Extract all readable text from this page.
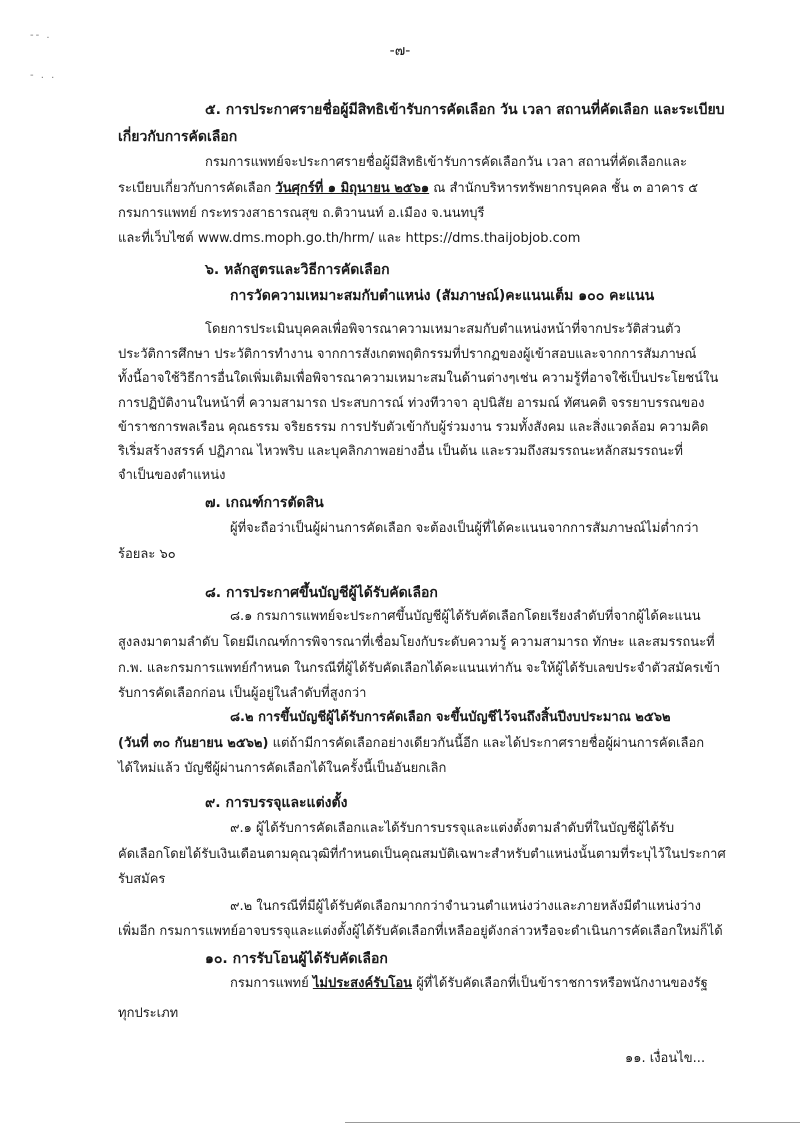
-- .
- . .
-๗-
๕. การประกาศรายชื่อผู้มีสิทธิเข้ารับการคัดเลือก วัน เวลา สถานที่คัดเลือก และระเบียบ
เกี่ยวกับการคัดเลือก
กรมการแพทย์จะประกาศรายชื่อผู้มีสิทธิเข้ารับการคัดเลือกวัน เวลา สถานที่คัดเลือกและ
ระเบียบเกี่ยวกับการคัดเลือก วันศุกร์ที่ ๑ มิถุนายน ๒๕๖๑ ณ สำนักบริหารทรัพยากรบุคคล ชั้น ๓ อาคาร ๕
กรมการแพทย์ กระทรวงสาธารณสุข ถ.ติวานนท์ อ.เมือง จ.นนทบุรี
และที่เว็บไซต์ www.dms.moph.go.th/hrm/ และ https://dms.thaijobjob.com
๖. หลักสูตรและวิธีการคัดเลือก
การวัดความเหมาะสมกับตำแหน่ง (สัมภาษณ์)คะแนนเต็ม ๑๐๐ คะแนน
โดยการประเมินบุคคลเพื่อพิจารณาความเหมาะสมกับตำแหน่งหน้าที่จากประวัติส่วนตัว
ประวัติการศึกษา ประวัติการทำงาน จากการสังเกตพฤติกรรมที่ปรากฏของผู้เข้าสอบและจากการสัมภาษณ์
ทั้งนี้อาจใช้วิธีการอื่นใดเพิ่มเติมเพื่อพิจารณาความเหมาะสมในด้านต่างๆเช่น ความรู้ที่อาจใช้เป็นประโยชน์ใน
การปฏิบัติงานในหน้าที่ ความสามารถ ประสบการณ์ ท่วงทีวาจา อุปนิสัย อารมณ์ ทัศนคติ จรรยาบรรณของ
ข้าราชการพลเรือน คุณธรรม จริยธรรม การปรับตัวเข้ากับผู้ร่วมงาน รวมทั้งสังคม และสิ่งแวดล้อม ความคิด
ริเริ่มสร้างสรรค์ ปฏิภาณ ไหวพริบ และบุคลิกภาพอย่างอื่น เป็นต้น และรวมถึงสมรรถนะหลักสมรรถนะที่
จำเป็นของตำแหน่ง
๗. เกณฑ์การตัดสิน
ผู้ที่จะถือว่าเป็นผู้ผ่านการคัดเลือก จะต้องเป็นผู้ที่ได้คะแนนจากการสัมภาษณ์ไม่ต่ำกว่า
ร้อยละ ๖๐
๘. การประกาศขึ้นบัญชีผู้ได้รับคัดเลือก
๘.๑ กรมการแพทย์จะประกาศขึ้นบัญชีผู้ได้รับคัดเลือกโดยเรียงลำดับที่จากผู้ได้คะแนน
สูงลงมาตามลำดับ โดยมีเกณฑ์การพิจารณาที่เชื่อมโยงกับระดับความรู้ ความสามารถ ทักษะ และสมรรถนะที่
ก.พ. และกรมการแพทย์กำหนด ในกรณีที่ผู้ได้รับคัดเลือกได้คะแนนเท่ากัน จะให้ผู้ได้รับเลขประจำตัวสมัครเข้า
รับการคัดเลือกก่อน เป็นผู้อยู่ในลำดับที่สูงกว่า
๘.๒ การขึ้นบัญชีผู้ได้รับการคัดเลือก จะขึ้นบัญชีไว้จนถึงสิ้นปีงบประมาณ ๒๕๖๒
(วันที่ ๓๐ กันยายน ๒๕๖๒) แต่ถ้ามีการคัดเลือกอย่างเดียวกันนี้อีก และได้ประกาศรายชื่อผู้ผ่านการคัดเลือก
ได้ใหม่แล้ว บัญชีผู้ผ่านการคัดเลือกได้ในครั้งนี้เป็นอันยกเลิก
๙. การบรรจุและแต่งตั้ง
๙.๑ ผู้ได้รับการคัดเลือกและได้รับการบรรจุและแต่งตั้งตามลำดับที่ในบัญชีผู้ได้รับ
คัดเลือกโดยได้รับเงินเดือนตามคุณวุฒิที่กำหนดเป็นคุณสมบัติเฉพาะสำหรับตำแหน่งนั้นตามที่ระบุไว้ในประกาศ
รับสมัคร
๙.๒ ในกรณีที่มีผู้ได้รับคัดเลือกมากกว่าจำนวนตำแหน่งว่างและภายหลังมีตำแหน่งว่าง
เพิ่มอีก กรมการแพทย์อาจบรรจุและแต่งตั้งผู้ได้รับคัดเลือกที่เหลืออยู่ดังกล่าวหรือจะดำเนินการคัดเลือกใหม่ก็ได้
๑๐. การรับโอนผู้ได้รับคัดเลือก
กรมการแพทย์ ไม่ประสงค์รับโอน ผู้ที่ได้รับคัดเลือกที่เป็นข้าราชการหรือพนักงานของรัฐ
ทุกประเภท
๑๑. เงื่อนไข...
